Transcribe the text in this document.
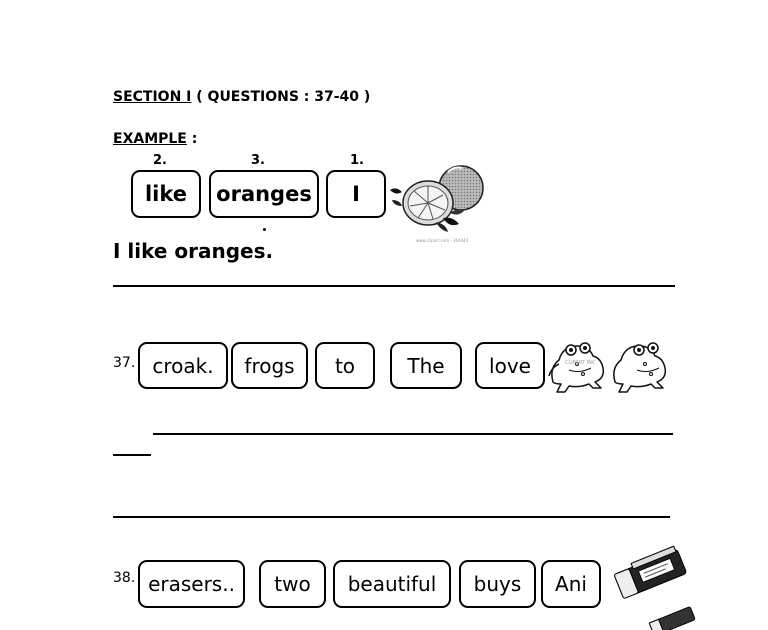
SECTION I ( QUESTIONS : 37-40 )
EXAMPLE :
2.	3.	1.
like	oranges	I
www.clipart.com · 364443
I like oranges.
37. croak.	frogs	to	The	love	CLIPART INC
38. erasers..	two	beautiful	buys	Ani
